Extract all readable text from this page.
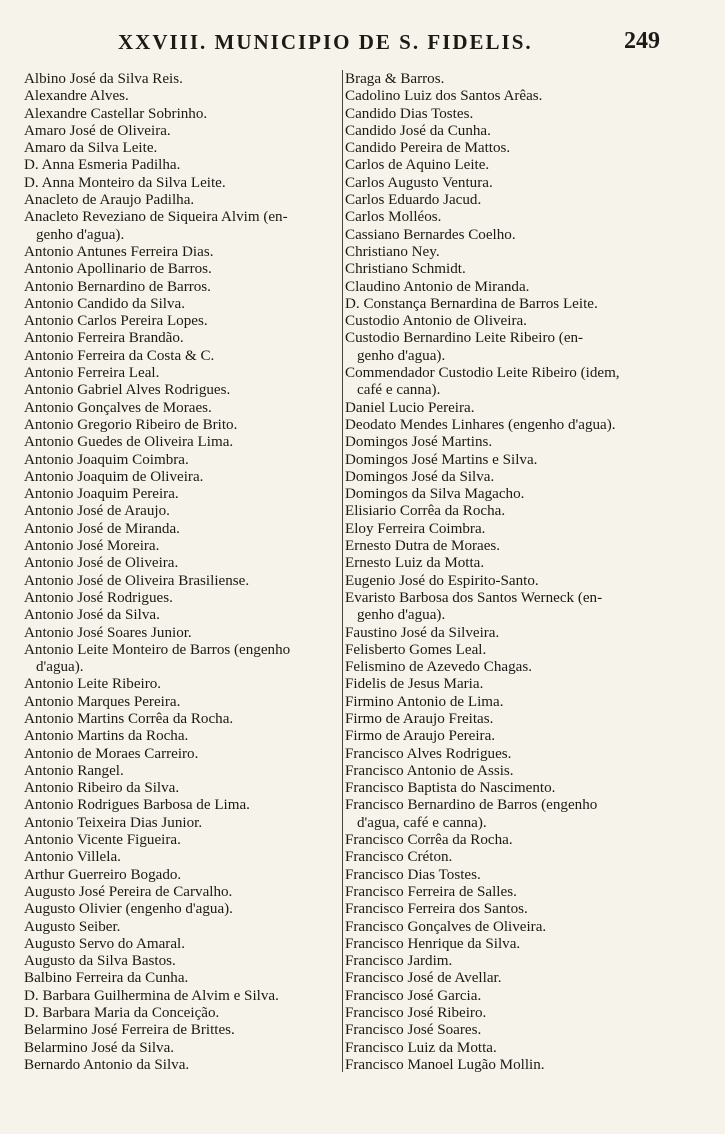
XXVIII. MUNICIPIO DE S. FIDELIS.	249
Albino José da Silva Reis.
Alexandre Alves.
Alexandre Castellar Sobrinho.
Amaro José de Oliveira.
Amaro da Silva Leite.
D. Anna Esmeria Padilha.
D. Anna Monteiro da Silva Leite.
Anacleto de Araujo Padilha.
Anacleto Reveziano de Siqueira Alvim (en-
genho d'agua).
Antonio Antunes Ferreira Dias.
Antonio Apollinario de Barros.
Antonio Bernardino de Barros.
Antonio Candido da Silva.
Antonio Carlos Pereira Lopes.
Antonio Ferreira Brandão.
Antonio Ferreira da Costa & C.
Antonio Ferreira Leal.
Antonio Gabriel Alves Rodrigues.
Antonio Gonçalves de Moraes.
Antonio Gregorio Ribeiro de Brito.
Antonio Guedes de Oliveira Lima.
Antonio Joaquim Coimbra.
Antonio Joaquim de Oliveira.
Antonio Joaquim Pereira.
Antonio José de Araujo.
Antonio José de Miranda.
Antonio José Moreira.
Antonio José de Oliveira.
Antonio José de Oliveira Brasiliense.
Antonio José Rodrigues.
Antonio José da Silva.
Antonio José Soares Junior.
Antonio Leite Monteiro de Barros (engenho
d'agua).
Antonio Leite Ribeiro.
Antonio Marques Pereira.
Antonio Martins Corrêa da Rocha.
Antonio Martins da Rocha.
Antonio de Moraes Carreiro.
Antonio Rangel.
Antonio Ribeiro da Silva.
Antonio Rodrigues Barbosa de Lima.
Antonio Teixeira Dias Junior.
Antonio Vicente Figueira.
Antonio Villela.
Arthur Guerreiro Bogado.
Augusto José Pereira de Carvalho.
Augusto Olivier (engenho d'agua).
Augusto Seiber.
Augusto Servo do Amaral.
Augusto da Silva Bastos.
Balbino Ferreira da Cunha.
D. Barbara Guilhermina de Alvim e Silva.
D. Barbara Maria da Conceição.
Belarmino José Ferreira de Brittes.
Belarmino José da Silva.
Bernardo Antonio da Silva.
Braga & Barros.
Cadolino Luiz dos Santos Arêas.
Candido Dias Tostes.
Candido José da Cunha.
Candido Pereira de Mattos.
Carlos de Aquino Leite.
Carlos Augusto Ventura.
Carlos Eduardo Jacud.
Carlos Molléos.
Cassiano Bernardes Coelho.
Christiano Ney.
Christiano Schmidt.
Claudino Antonio de Miranda.
D. Constança Bernardina de Barros Leite.
Custodio Antonio de Oliveira.
Custodio Bernardino Leite Ribeiro (en-
genho d'agua).
Commendador Custodio Leite Ribeiro (idem,
café e canna).
Daniel Lucio Pereira.
Deodato Mendes Linhares (engenho d'agua).
Domingos José Martins.
Domingos José Martins e Silva.
Domingos José da Silva.
Domingos da Silva Magacho.
Elisiario Corrêa da Rocha.
Eloy Ferreira Coimbra.
Ernesto Dutra de Moraes.
Ernesto Luiz da Motta.
Eugenio José do Espirito-Santo.
Evaristo Barbosa dos Santos Werneck (en-
genho d'agua).
Faustino José da Silveira.
Felisberto Gomes Leal.
Felismino de Azevedo Chagas.
Fidelis de Jesus Maria.
Firmino Antonio de Lima.
Firmo de Araujo Freitas.
Firmo de Araujo Pereira.
Francisco Alves Rodrigues.
Francisco Antonio de Assis.
Francisco Baptista do Nascimento.
Francisco Bernardino de Barros (engenho
d'agua, café e canna).
Francisco Corrêa da Rocha.
Francisco Créton.
Francisco Dias Tostes.
Francisco Ferreira de Salles.
Francisco Ferreira dos Santos.
Francisco Gonçalves de Oliveira.
Francisco Henrique da Silva.
Francisco Jardim.
Francisco José de Avellar.
Francisco José Garcia.
Francisco José Ribeiro.
Francisco José Soares.
Francisco Luiz da Motta.
Francisco Manoel Lugão Mollin.
